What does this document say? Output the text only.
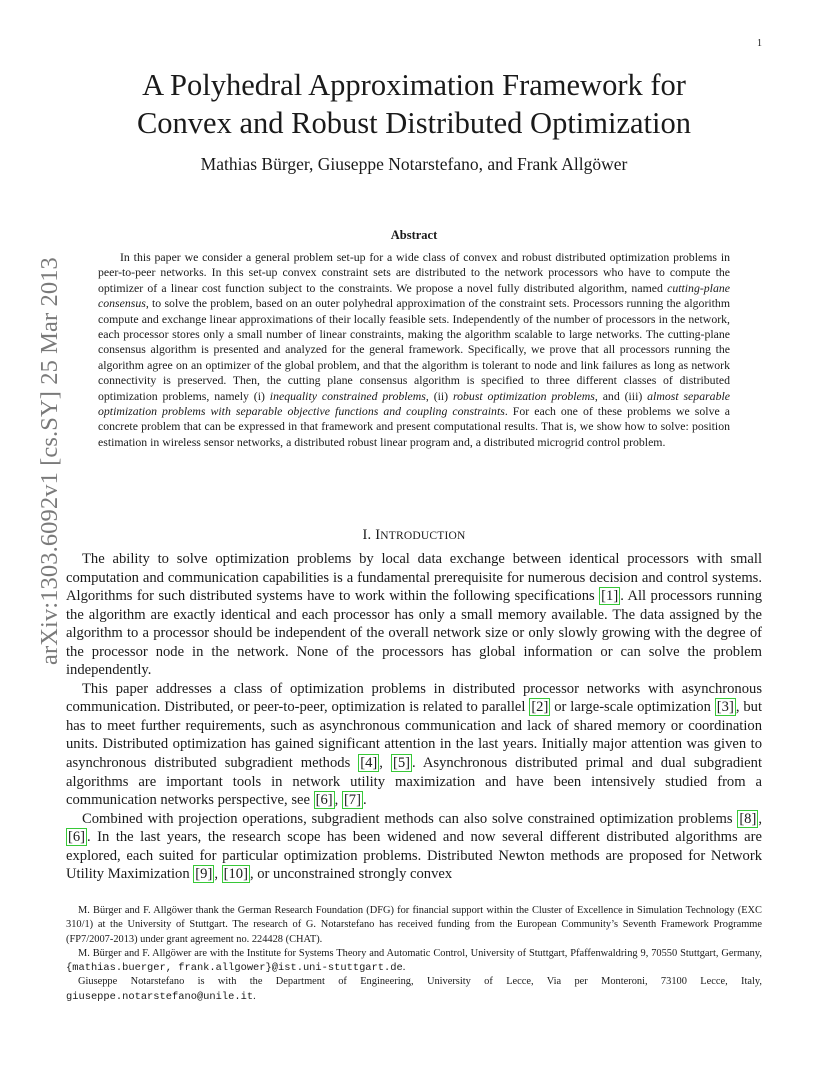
1
arXiv:1303.6092v1 [cs.SY] 25 Mar 2013
A Polyhedral Approximation Framework for
Convex and Robust Distributed Optimization
Mathias Bürger, Giuseppe Notarstefano, and Frank Allgöwer
Abstract

In this paper we consider a general problem set-up for a wide class of convex and robust distributed optimization problems in peer-to-peer networks. In this set-up convex constraint sets are distributed to the network processors who have to compute the optimizer of a linear cost function subject to the constraints. We propose a novel fully distributed algorithm, named cutting-plane consensus, to solve the problem, based on an outer polyhedral approximation of the constraint sets. Processors running the algorithm compute and exchange linear approximations of their locally feasible sets. Independently of the number of processors in the network, each processor stores only a small number of linear constraints, making the algorithm scalable to large networks. The cutting-plane consensus algorithm is presented and analyzed for the general framework. Specifically, we prove that all processors running the algorithm agree on an optimizer of the global problem, and that the algorithm is tolerant to node and link failures as long as network connectivity is preserved. Then, the cutting plane consensus algorithm is specified to three different classes of distributed optimization problems, namely (i) inequality constrained problems, (ii) robust optimization problems, and (iii) almost separable optimization problems with separable objective functions and coupling constraints. For each one of these problems we solve a concrete problem that can be expressed in that framework and present computational results. That is, we show how to solve: position estimation in wireless sensor networks, a distributed robust linear program and, a distributed microgrid control problem.

I. INTRODUCTION

The ability to solve optimization problems by local data exchange between identical processors with small computation and communication capabilities is a fundamental prerequisite for numerous decision and control systems. Algorithms for such distributed systems have to work within the following specifications [1] . All processors running the algorithm are exactly identical and each processor has only a small memory available. The data assigned by the algorithm to a processor should be independent of the overall network size or only slowly growing with the degree of the processor node in the network. None of the processors has global information or can solve the problem independently.

This paper addresses a class of optimization problems in distributed processor networks with asynchronous communication. Distributed, or peer-to-peer, optimization is related to parallel [2] or large-scale optimization [3] , but has to meet further requirements, such as asynchronous communication and lack of shared memory or coordination units. Distributed optimization has gained significant attention in the last years. Initially major attention was given to asynchronous distributed subgradient methods [4] , [5] . Asynchronous distributed primal and dual subgradient algorithms are important tools in network utility maximization and have been intensively studied from a communication networks perspective, see [6] , [7] .

Combined with projection operations, subgradient methods can also solve constrained optimization problems [8] , [6] . In the last years, the research scope has been widened and now several different distributed algorithms are explored, each suited for particular optimization problems. Distributed Newton methods are proposed for Network Utility Maximization [9] , [10] , or unconstrained strongly convex

M. Bürger and F. Allgöwer thank the German Research Foundation (DFG) for financial support within the Cluster of Excellence in Simulation Technology (EXC 310/1) at the University of Stuttgart. The research of G. Notarstefano has received funding from the European Community’s Seventh Framework Programme (FP7/2007-2013) under grant agreement no. 224428 (CHAT).

M. Bürger and F. Allgöwer are with the Institute for Systems Theory and Automatic Control, University of Stuttgart, Pfaffenwaldring 9, 70550 Stuttgart, Germany, {mathias.buerger, frank.allgower}@ist.uni-stuttgart.de.

Giuseppe Notarstefano is with the Department of Engineering, University of Lecce, Via per Monteroni, 73100 Lecce, Italy, giuseppe.notarstefano@unile.it.
